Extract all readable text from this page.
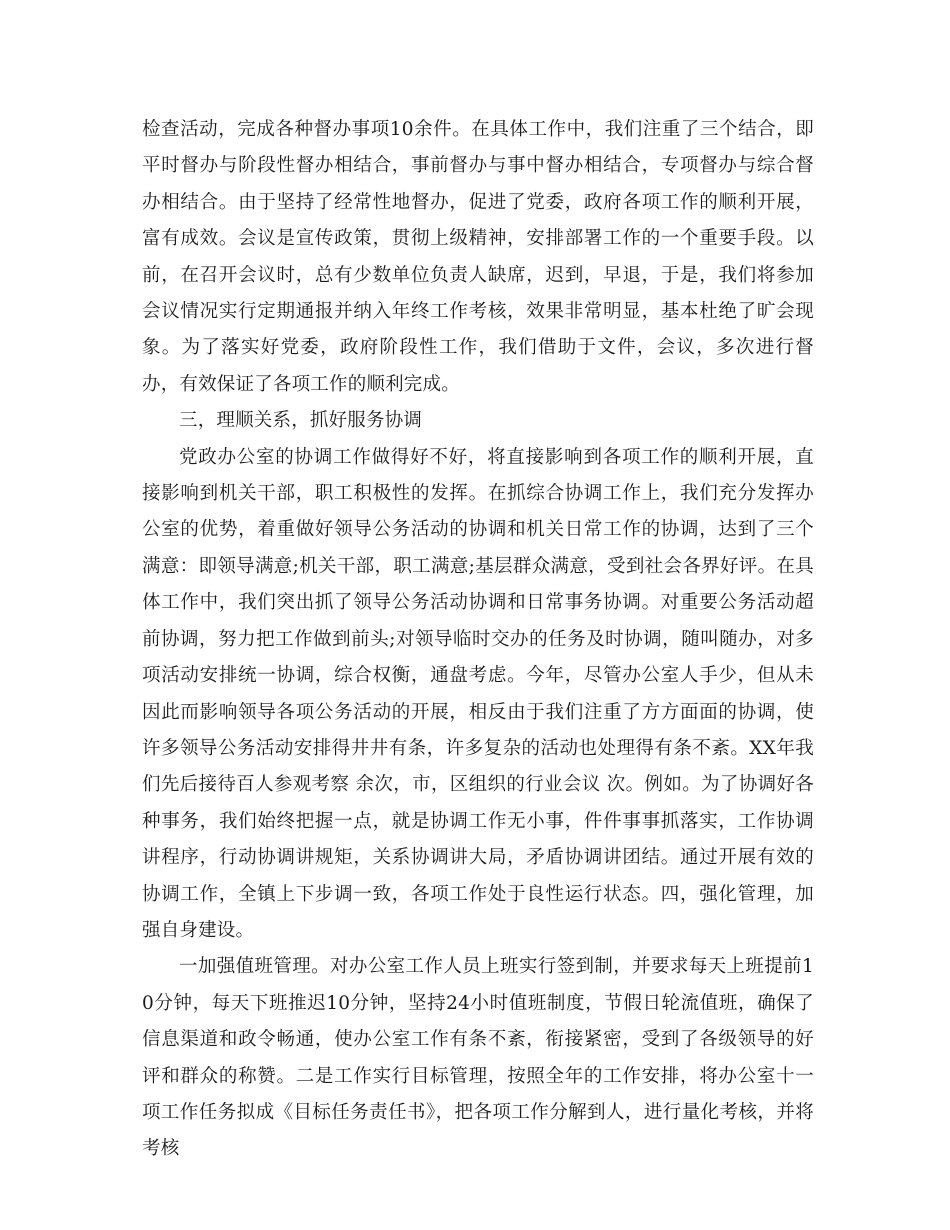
检查活动，完成各种督办事项10余件。在具体工作中，我们注重了三个结合，即平时督办与阶段性督办相结合，事前督办与事中督办相结合，专项督办与综合督办相结合。由于坚持了经常性地督办，促进了党委，政府各项工作的顺利开展，富有成效。会议是宣传政策，贯彻上级精神，安排部署工作的一个重要手段。以前，在召开会议时，总有少数单位负责人缺席，迟到，早退，于是，我们将参加会议情况实行定期通报并纳入年终工作考核，效果非常明显，基本杜绝了旷会现象。为了落实好党委，政府阶段性工作，我们借助于文件，会议，多次进行督办，有效保证了各项工作的顺利完成。

三，理顺关系，抓好服务协调

党政办公室的协调工作做得好不好，将直接影响到各项工作的顺利开展，直接影响到机关干部，职工积极性的发挥。在抓综合协调工作上，我们充分发挥办公室的优势，着重做好领导公务活动的协调和机关日常工作的协调，达到了三个满意：即领导满意;机关干部，职工满意;基层群众满意，受到社会各界好评。在具体工作中，我们突出抓了领导公务活动协调和日常事务协调。对重要公务活动超前协调，努力把工作做到前头;对领导临时交办的任务及时协调，随叫随办，对多项活动安排统一协调，综合权衡，通盘考虑。今年，尽管办公室人手少，但从未因此而影响领导各项公务活动的开展，相反由于我们注重了方方面面的协调，使许多领导公务活动安排得井井有条，许多复杂的活动也处理得有条不紊。XX年我们先后接待百人参观考察 余次，市，区组织的行业会议 次。例如。为了协调好各种事务，我们始终把握一点，就是协调工作无小事，件件事事抓落实，工作协调讲程序，行动协调讲规矩，关系协调讲大局，矛盾协调讲团结。通过开展有效的协调工作，全镇上下步调一致，各项工作处于良性运行状态。四，强化管理，加强自身建设。

一加强值班管理。对办公室工作人员上班实行签到制，并要求每天上班提前10分钟，每天下班推迟10分钟，坚持24小时值班制度，节假日轮流值班，确保了信息渠道和政令畅通，使办公室工作有条不紊，衔接紧密，受到了各级领导的好评和群众的称赞。二是工作实行目标管理，按照全年的工作安排，将办公室十一项工作任务拟成《目标任务责任书》，把各项工作分解到人，进行量化考核，并将考核
